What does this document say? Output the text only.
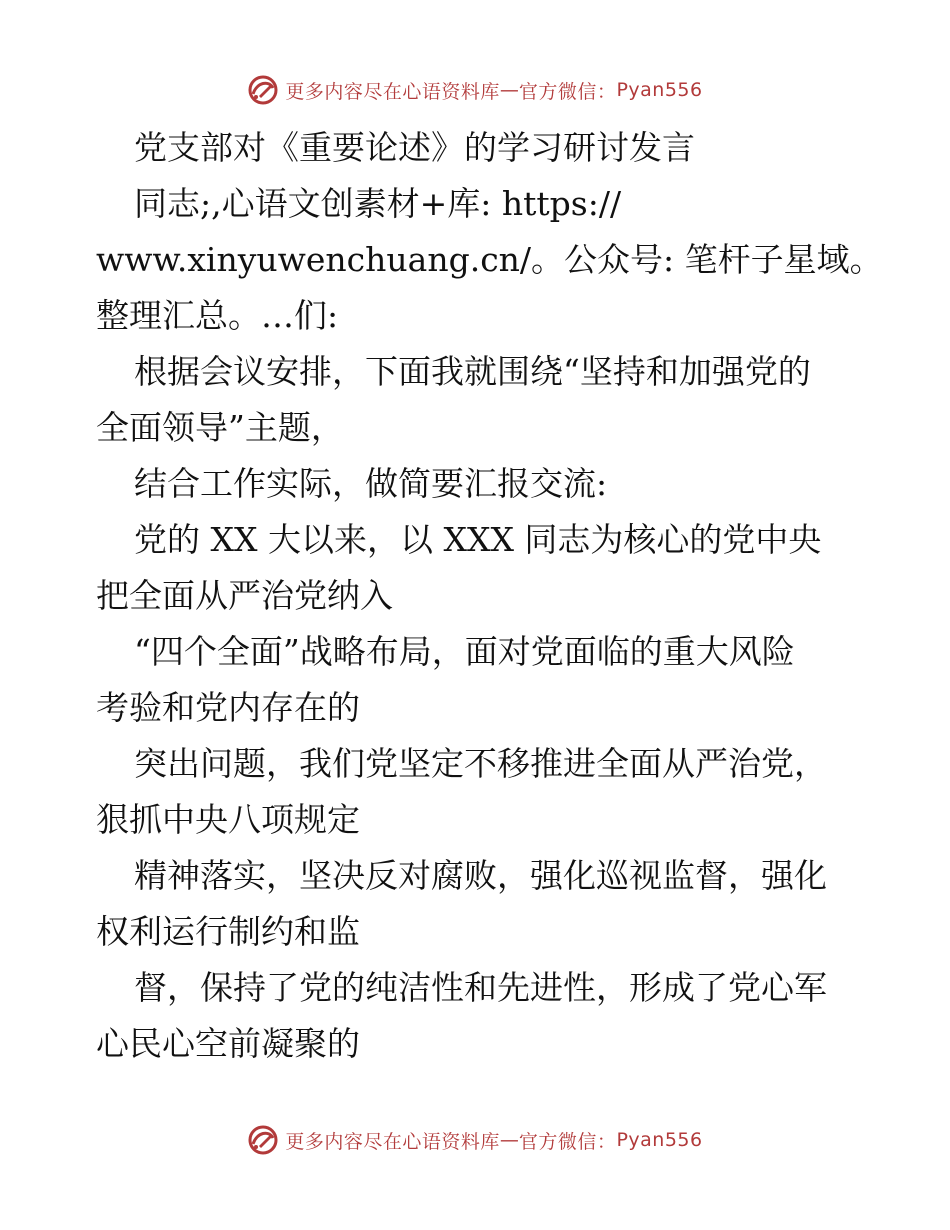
更多内容尽在心语资料库 — 官方微信： Pyan556
党支部对《重要论述》的学习研讨发言
同志;,心语文创素材+库: https://
www.xinyuwenchuang.cn/。公众号: 笔杆子星域。
整理汇总。…们:
根据会议安排，下面我就围绕“坚持和加强党的
全面领导”主题，
结合工作实际，做简要汇报交流:
党的 XX 大以来，以 XXX 同志为核心的党中央
把全面从严治党纳入
“四个全面”战略布局，面对党面临的重大风险
考验和党内存在的
突出问题，我们党坚定不移推进全面从严治党，
狠抓中央八项规定
精神落实，坚决反对腐败，强化巡视监督，强化
权利运行制约和监
督，保持了党的纯洁性和先进性，形成了党心军
心民心空前凝聚的
更多内容尽在心语资料库 — 官方微信： Pyan556
